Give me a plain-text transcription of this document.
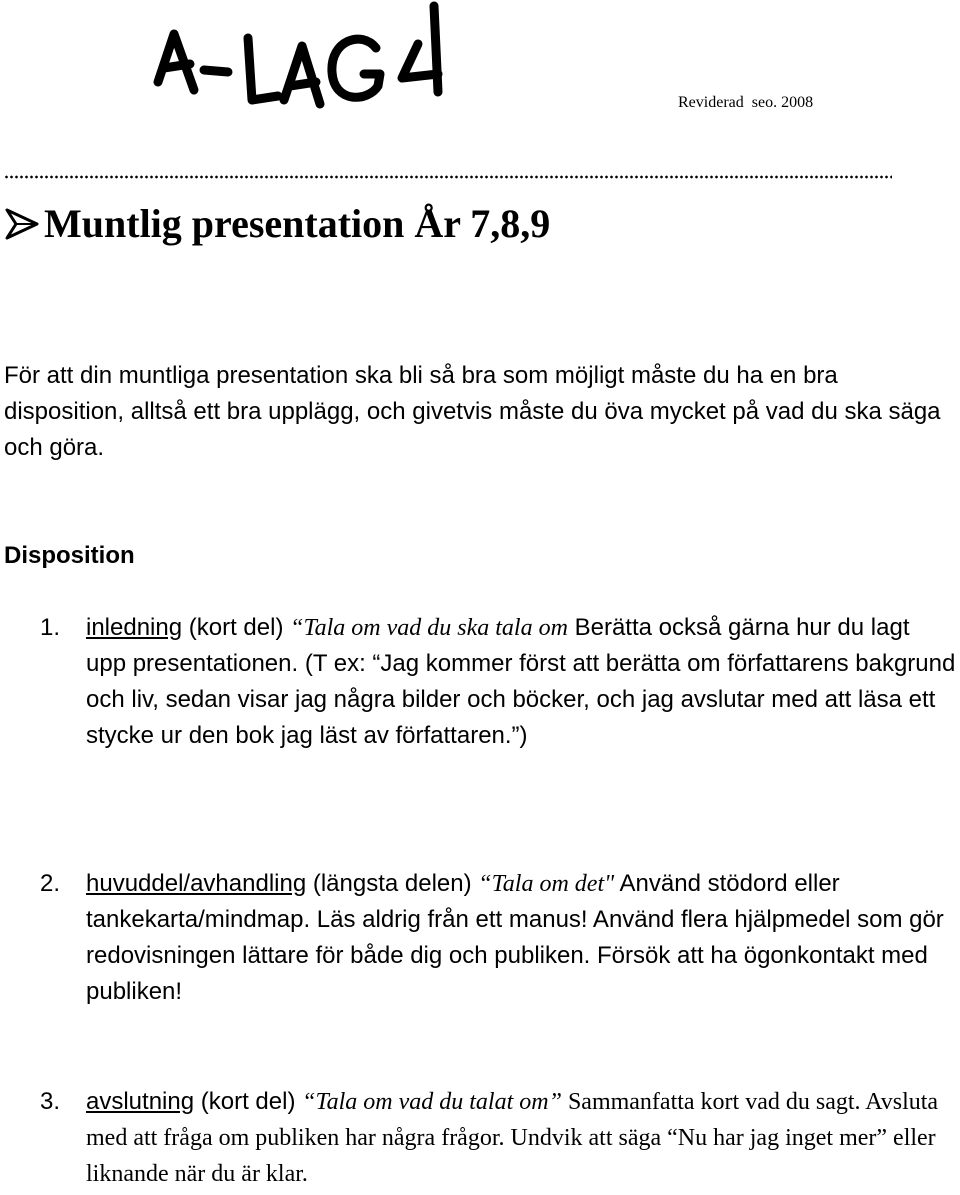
Reviderad  seo. 2008
Muntlig presentation År 7,8,9
För att din muntliga presentation ska bli så bra som möjligt måste du ha en bra disposition, alltså ett bra upplägg, och givetvis måste du öva mycket på vad du ska säga och göra.
Disposition
1. inledning (kort del) “Tala om vad du ska tala om Berätta också gärna hur du lagt upp presentationen. (T ex: “Jag kommer först att berätta om författarens bakgrund och liv, sedan visar jag några bilder och böcker, och jag avslutar med att läsa ett stycke ur den bok jag läst av författaren.”)
2. huvuddel/avhandling (längsta delen) “Tala om det" Använd stödord eller tankekarta/mindmap. Läs aldrig från ett manus! Använd flera hjälpmedel som gör redovisningen lättare för både dig och publiken. Försök att ha ögonkontakt med publiken!
3. avslutning (kort del) “Tala om vad du talat om” Sammanfatta kort vad du sagt. Avsluta med att fråga om publiken har några frågor. Undvik att säga “Nu har jag inget mer” eller liknande när du är klar.
